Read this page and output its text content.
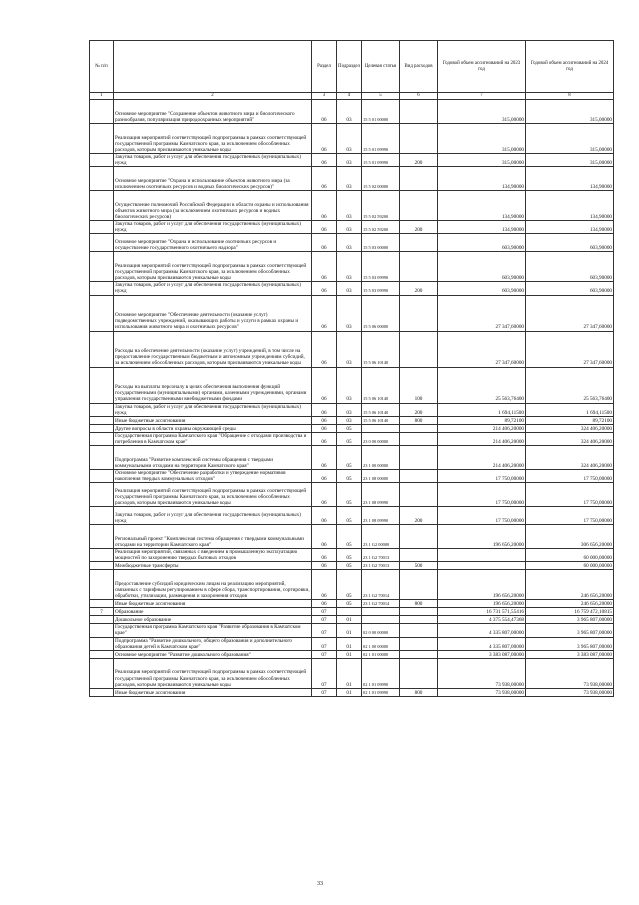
№ п/п		Раздел	Подраздел	Целевая статья	Вид расходов	Годовой объем ассигнований на 2023 год	Годовой объем ассигнований на 2024 год
1	2	3	4	5	6	7	8
	Основное мероприятие "Сохранение объектов животного мира и биологического разнообразия, популяризация природоохранных мероприятий"	06	03	15 5 01 00000		315,00000	315,00000
	Реализация мероприятий соответствующей подпрограммы в рамках соответствующей государственной программы Камчатского края, за исключением обособленных расходов, которым присваиваются уникальные коды	06	03	15 5 01 09990		315,00000	315,00000
	Закупка товаров, работ и услуг для обеспечения государственных (муниципальных) нужд	06	03	15 5 01 09990	200	315,00000	315,00000
	Основное мероприятие "Охрана и использование объектов животного мира (за исключением охотничьих ресурсов и водных биологических ресурсов)"	06	03	15 5 02 00000		134,90000	134,90000
	Осуществление полномочий Российской Федерации в области охраны и использования объектов животного мира (за исключением охотничьих ресурсов и водных биологических ресурсов)	06	03	15 5 02 59200		134,90000	134,90000
	Закупка товаров, работ и услуг для обеспечения государственных (муниципальных) нужд	06	03	15 5 02 59200	200	134,90000	134,90000
	Основное мероприятие "Охрана и использование охотничьих ресурсов и осуществление государственного охотничьего надзора"	06	03	15 5 03 00000		603,90000	603,90000
	Реализация мероприятий соответствующей подпрограммы в рамках соответствующей государственной программы Камчатского края, за исключением обособленных расходов, которым присваиваются уникальные коды	06	03	15 5 03 09990		603,90000	603,90000
	Закупка товаров, работ и услуг для обеспечения государственных (муниципальных) нужд	06	03	15 5 03 09990	200	603,90000	603,90000
	Основное мероприятие "Обеспечение деятельности (оказание услуг) подведомственных учреждений, оказывающих работы и услуги в рамках охраны и использования животного мира и охотничьих ресурсов"	06	03	15 5 06 00000		27 347,60000	27 347,60000
	Расходы на обеспечение деятельности (оказание услуг) учреждений, в том числе на предоставление государственным бюджетным и автономным учреждениям субсидий, за исключением обособленных расходов, которым присваиваются уникальные коды	06	03	15 5 06 10140		27 347,60000	27 347,60000
	Расходы на выплаты персоналу в целях обеспечения выполнения функций государственными (муниципальными) органами, казенными учреждениями, органами управления государственными внебюджетными фондами	06	03	15 5 06 10140	100	25 563,76400	25 563,76400
	Закупка товаров, работ и услуг для обеспечения государственных (муниципальных) нужд	06	03	15 5 06 10140	200	1 694,11500	1 694,11500
	Иные бюджетные ассигнования	06	03	15 5 06 10140	800	89,72100	89,72100
	Другие вопросы в области охраны окружающей среды	06	05			214 406,20000	324 406,20000
	Государственная программа Камчатского края "Обращение с отходами производства и потребления в Камчатском крае"	06	05	23 0 00 00000		214 406,20000	324 406,20000
	Подпрограмма "Развитие комплексной системы обращения с твердыми коммунальными отходами на территории Камчатского края"	06	05	23 1 00 00000		214 406,20000	324 406,20000
	Основное мероприятие "Обеспечение разработки и утверждение нормативов накопления твердых коммунальных отходов"	06	05	23 1 08 00000		17 750,00000	17 750,00000
	Реализация мероприятий соответствующей подпрограммы в рамках соответствующей государственной программы Камчатского края, за исключением обособленных расходов, которым присваиваются уникальные коды	06	05	23 1 08 09990		17 750,00000	17 750,00000
	Закупка товаров, работ и услуг для обеспечения государственных (муниципальных) нужд	06	05	23 1 08 09990	200	17 750,00000	17 750,00000
	Региональный проект "Комплексная система обращения с твердыми коммунальными отходами на территории Камчатского края"	06	05	23 1 G2 00000		196 656,20000	306 656,20000
	Реализация мероприятий, связанных с введением в промышленную эксплуатацию мощностей по захоронению твердых бытовых отходов	06	05	23 1 G2 70013			60 000,00000
	Межбюджетные трансферты	06	05	23 1 G2 70013	500		60 000,00000
	Предоставление субсидий юридическим лицам на реализацию мероприятий, связанных с тарифным регулированием в сфере сбора, транспортирования, сортировки, обработки, утилизации, размещения и захоронения отходов	06	05	23 1 G2 70014		196 656,20000	246 656,20000
	Иные бюджетные ассигнования	06	05	23 1 G2 70014	800	196 656,20000	246 656,20000
7	Образование	07				16 731 571,55416	16 759 472,10815
	Дошкольное образование	07	01			4 375 554,47368	3 965 807,00000
	Государственная программа Камчатского края "Развитие образования в Камчатском крае"	07	01	02 0 00 00000		4 335 807,00000	3 965 807,00000
	Подпрограмма "Развитие дошкольного, общего образования и дополнительного образования детей в Камчатском крае"	07	01	02 1 00 00000		4 335 807,00000	3 965 807,00000
	Основное мероприятие "Развитие дошкольного образования"	07	01	02 1 01 00000		3 383 087,00000	3 383 087,00000
	Реализация мероприятий соответствующей подпрограммы в рамках соответствующей государственной программы Камчатского края, за исключением обособленных расходов, которым присваиваются уникальные коды	07	01	02 1 01 09990		73 938,00000	73 938,00000
	Иные бюджетные ассигнования	07	01	02 1 01 09990	800	73 938,00000	73 938,00000
33
